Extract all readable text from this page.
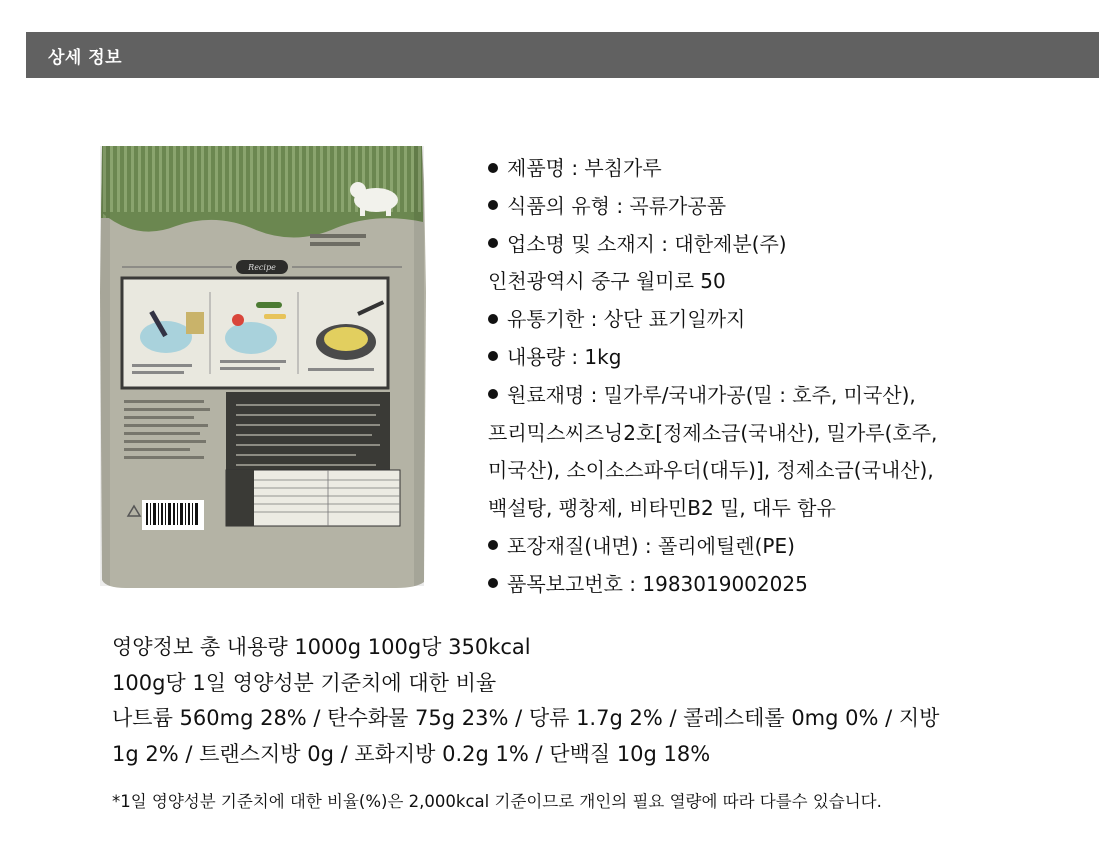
상세 정보
Recipe
제품명 : 부침가루
식품의 유형 : 곡류가공품
업소명 및 소재지 : 대한제분(주)
인천광역시 중구 월미로 50
유통기한 : 상단 표기일까지
내용량 : 1kg
원료재명 : 밀가루/국내가공(밀 : 호주, 미국산),
프리믹스씨즈닝2호[정제소금(국내산), 밀가루(호주,
미국산), 소이소스파우더(대두)], 정제소금(국내산),
백설탕, 팽창제, 비타민B2 밀, 대두 함유
포장재질(내면) : 폴리에틸렌(PE)
품목보고번호 : 1983019002025
영양정보 총 내용량 1000g 100g당 350kcal
100g당 1일 영양성분 기준치에 대한 비율
나트륨 560mg 28% / 탄수화물 75g 23% / 당류 1.7g 2% / 콜레스테롤 0mg 0% / 지방
1g 2% / 트랜스지방 0g / 포화지방 0.2g 1% / 단백질 10g 18%
*1일 영양성분 기준치에 대한 비율(%)은 2,000kcal 기준이므로 개인의 필요 열량에 따라 다를수 있습니다.
